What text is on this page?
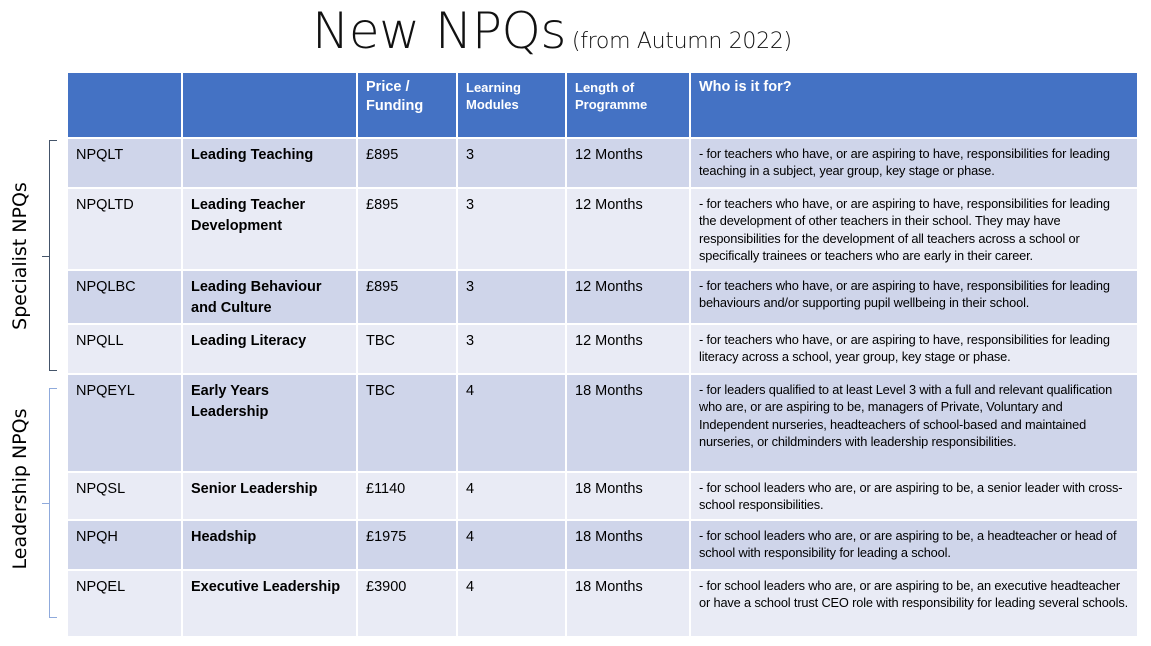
New NPQs (from Autumn 2022)
Specialist NPQs
Leadership NPQs
		Price / Funding	Learning Modules	Length of Programme	Who is it for?
NPQLT	Leading Teaching	£895	3	12 Months	- for teachers who have, or are aspiring to have, responsibilities for leading teaching in a subject, year group, key stage or phase.
NPQLTD	Leading Teacher Development	£895	3	12 Months	- for teachers who have, or are aspiring to have, responsibilities for leading the development of other teachers in their school. They may have responsibilities for the development of all teachers across a school or specifically trainees or teachers who are early in their career.
NPQLBC	Leading Behaviour and Culture	£895	3	12 Months	- for teachers who have, or are aspiring to have, responsibilities for leading behaviours and/or supporting pupil wellbeing in their school.
NPQLL	Leading Literacy	TBC	3	12 Months	- for teachers who have, or are aspiring to have, responsibilities for leading literacy across a school, year group, key stage or phase.
NPQEYL	Early Years Leadership	TBC	4	18 Months	- for leaders qualified to at least Level 3 with a full and relevant qualification who are, or are aspiring to be, managers of Private, Voluntary and Independent nurseries, headteachers of school-based and maintained nurseries, or childminders with leadership responsibilities.
NPQSL	Senior Leadership	£1140	4	18 Months	- for school leaders who are, or are aspiring to be, a senior leader with cross-school responsibilities.
NPQH	Headship	£1975	4	18 Months	- for school leaders who are, or are aspiring to be, a headteacher or head of school with responsibility for leading a school.
NPQEL	Executive Leadership	£3900	4	18 Months	- for school leaders who are, or are aspiring to be, an executive headteacher or have a school trust CEO role with responsibility for leading several schools.
